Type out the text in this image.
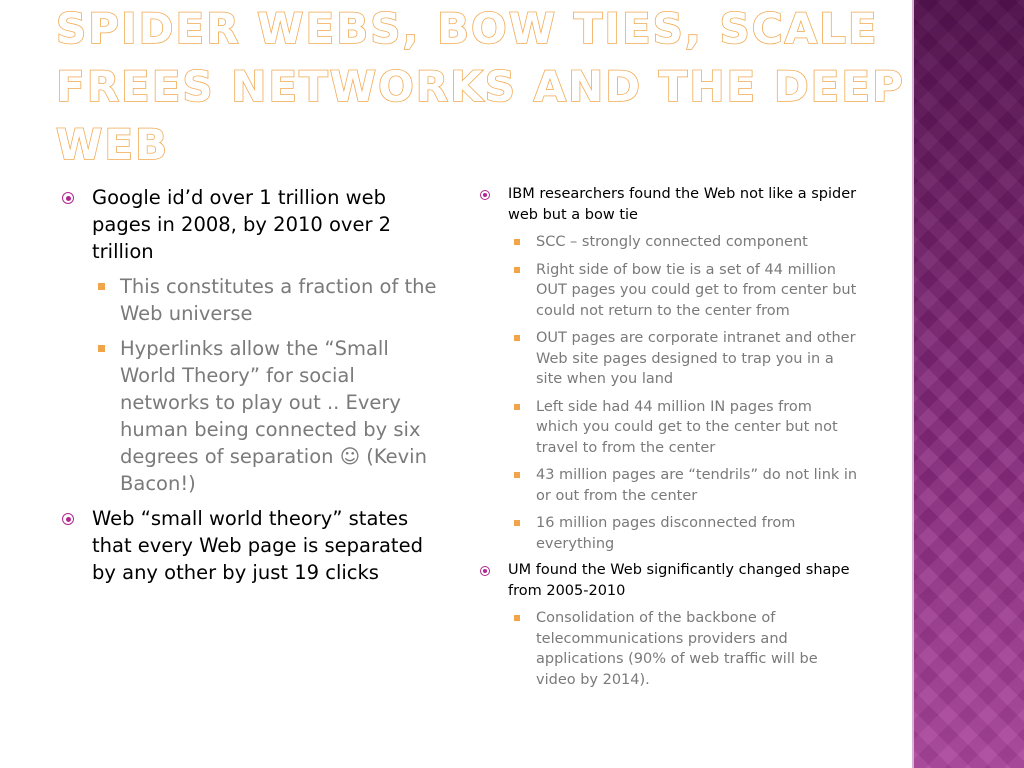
SPIDER WEBS, BOW TIES, SCALE FREES NETWORKS AND THE DEEP WEB
Google id’d over 1 trillion web pages in 2008, by 2010 over 2 trillion
This constitutes a fraction of the Web universe
Hyperlinks allow the “Small World Theory” for social networks to play out .. Every human being connected by six degrees of separation ☺ (Kevin Bacon!)
Web “small world theory” states that every Web page is separated by any other by just 19 clicks
IBM researchers found the Web not like a spider web but a bow tie
SCC – strongly connected component
Right side of bow tie is a set of 44 million OUT pages you could get to from center but could not return to the center from
OUT pages are corporate intranet and other Web site pages designed to trap you in a site when you land
Left side had 44 million IN pages from which you could get to the center but not travel to from the center
43 million pages are “tendrils” do not link in or out from the center
16 million pages disconnected from everything
UM found the Web significantly changed shape from 2005-2010
Consolidation of the backbone of telecommunications providers and applications (90% of web traffic will be video by 2014).
